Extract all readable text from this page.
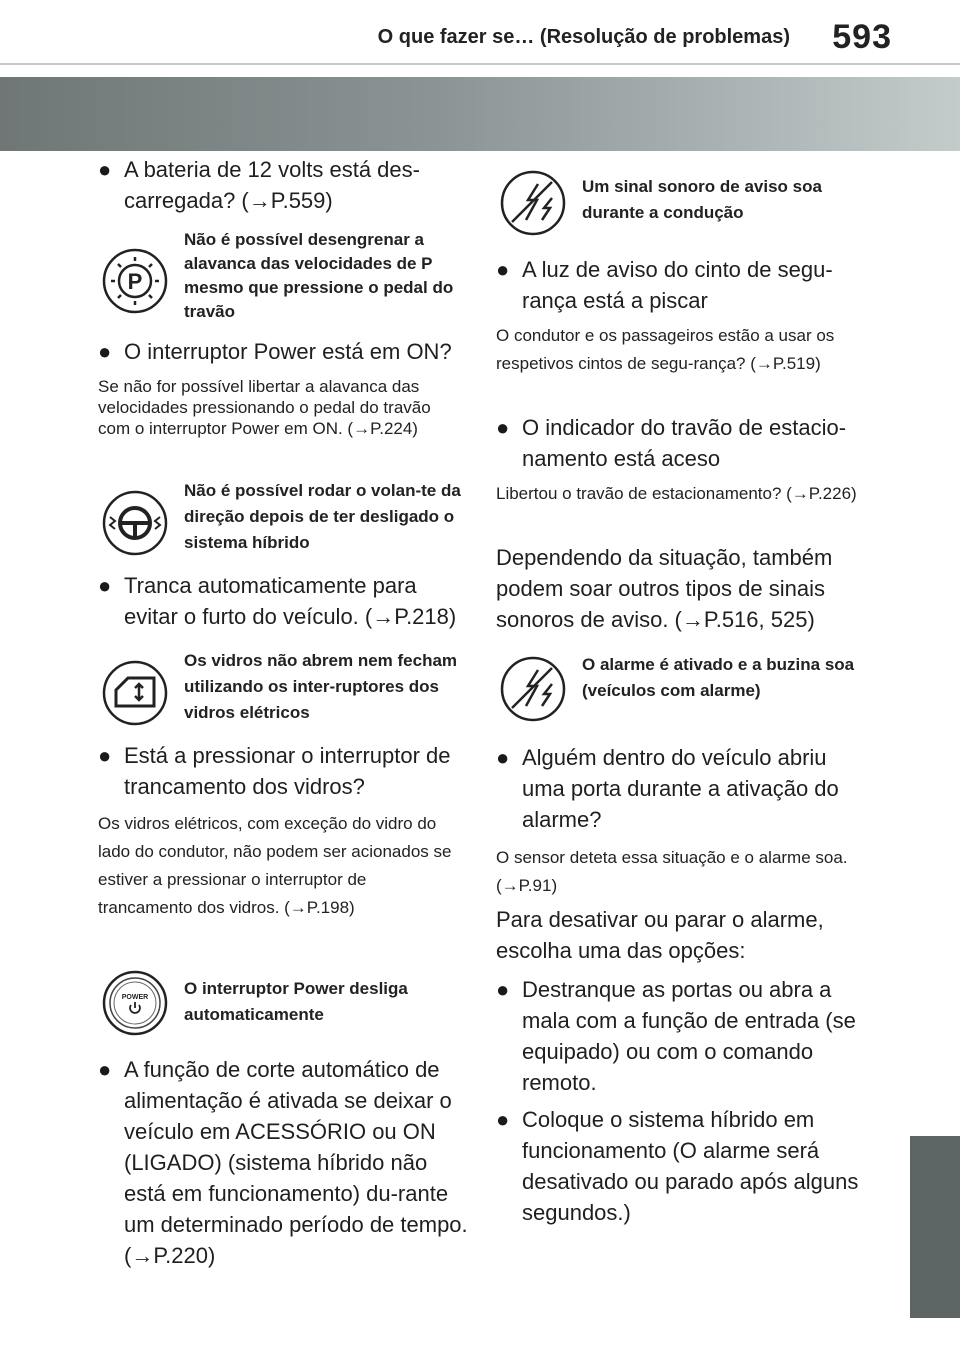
O que fazer se… (Resolução de problemas) 593
● A bateria de 12 volts está des-carregada? (→P.559)
P
Não é possível desengrenar a alavanca das velocidades de P mesmo que pressione o pedal do travão
● O interruptor Power está em ON?
Se não for possível libertar a alavanca das velocidades pressionando o pedal do travão com o interruptor Power em ON. (→P.224)
Não é possível rodar o volan-te da direção depois de ter desligado o sistema híbrido
● Tranca automaticamente para evitar o furto do veículo. (→P.218)
Os vidros não abrem nem fecham utilizando os inter-ruptores dos vidros elétricos
● Está a pressionar o interruptor de trancamento dos vidros?
Os vidros elétricos, com exceção do vidro do lado do condutor, não podem ser acionados se estiver a pressionar o interruptor de trancamento dos vidros. (→P.198)
POWER	O interruptor Power desliga automaticamente
● A função de corte automático de alimentação é ativada se deixar o veículo em ACESSÓRIO ou ON (LIGADO) (sistema híbrido não está em funcionamento) du-rante um determinado período de tempo. (→P.220)
Um sinal sonoro de aviso soa durante a condução
● A luz de aviso do cinto de segu-rança está a piscar
O condutor e os passageiros estão a usar os respetivos cintos de segu-rança? (→P.519)
● O indicador do travão de estacio-namento está aceso
Libertou o travão de estacionamento? (→P.226)
Dependendo da situação, também podem soar outros tipos de sinais sonoros de aviso. (→P.516, 525)
O alarme é ativado e a buzina soa (veículos com alarme)
● Alguém dentro do veículo abriu uma porta durante a ativação do alarme?
O sensor deteta essa situação e o alarme soa. (→P.91)
Para desativar ou parar o alarme, escolha uma das opções:
● Destranque as portas ou abra a mala com a função de entrada (se equipado) ou com o comando remoto.
● Coloque o sistema híbrido em funcionamento (O alarme será desativado ou parado após alguns segundos.)
